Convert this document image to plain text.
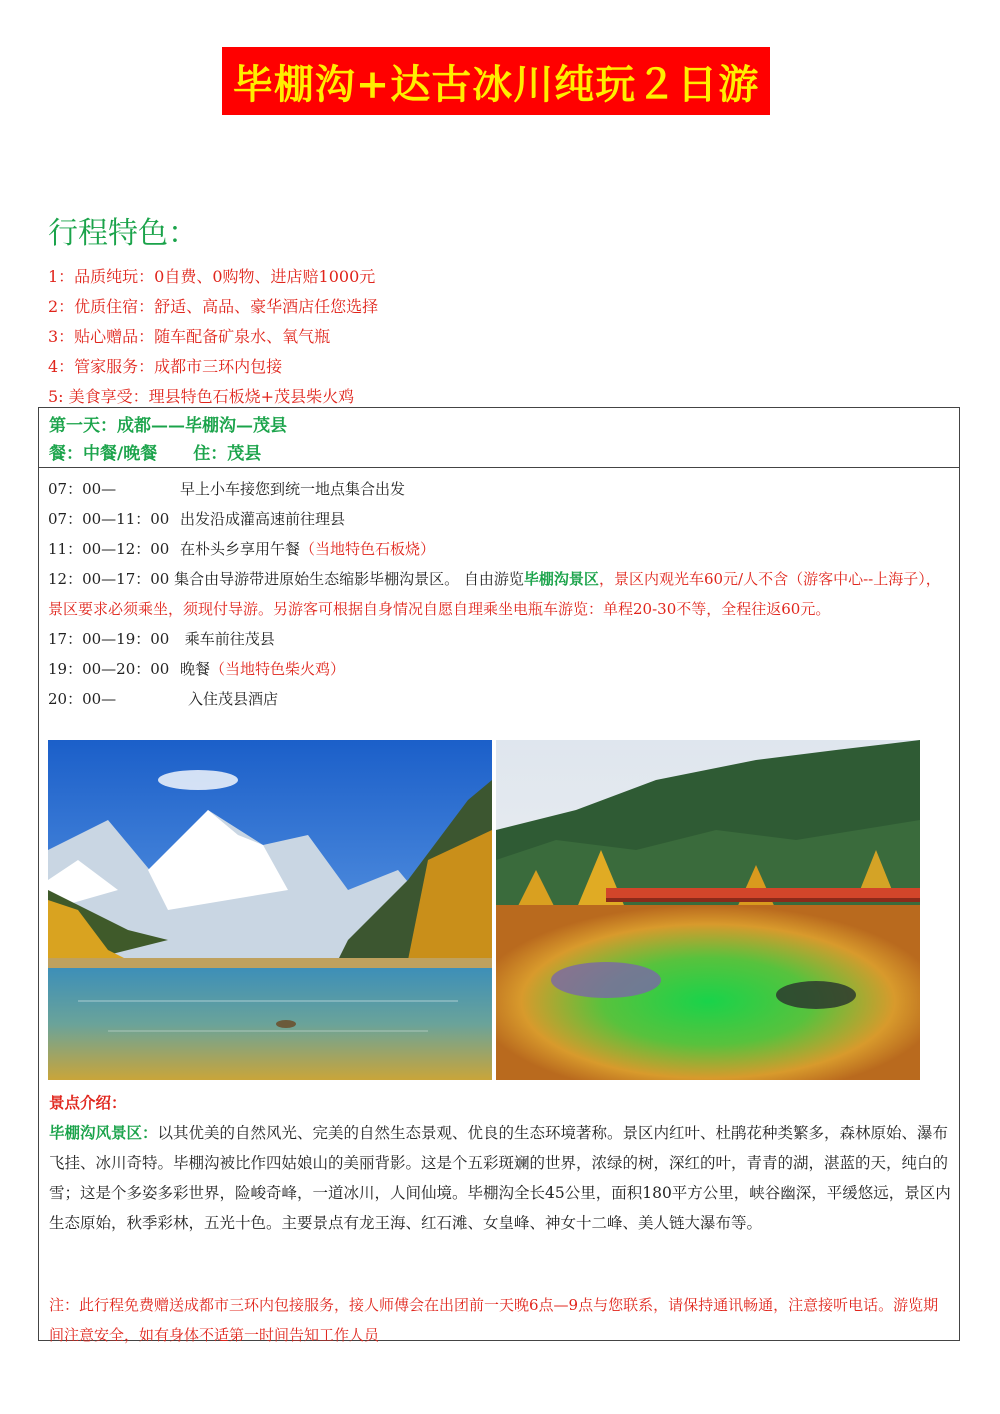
毕棚沟+达古冰川纯玩２日游
行程特色：
1：品质纯玩：0自费、0购物、进店赔1000元
2：优质住宿：舒适、高品、豪华酒店任您选择
3：贴心赠品：随车配备矿泉水、氧气瓶
4：管家服务：成都市三环内包接
5: 美食享受：理县特色石板烧+茂县柴火鸡
第一天：成都——毕棚沟—茂县
餐：中餐/晚餐 住：茂县
07：00—	早上小车接您到统一地点集合出发
07：00—11：00 出发沿成灌高速前往理县
11：00—12：00 在朴头乡享用午餐（当地特色石板烧）
12：00—17：00 集合由导游带进原始生态缩影毕棚沟景区。 自由游览毕棚沟景区，景区内观光车60元/人不含（游客中心--上海子），景区要求必须乘坐，须现付导游。另游客可根据自身情况自愿自理乘坐电瓶车游览：单程20-30不等，全程往返60元。
17：00—19：00 乘车前往茂县
19：00—20：00 晚餐（当地特色柴火鸡）
20：00—	入住茂县酒店
景点介绍：
毕棚沟风景区：以其优美的自然风光、完美的自然生态景观、优良的生态环境著称。景区内红叶、杜鹃花种类繁多，森林原始、瀑布飞挂、冰川奇特。毕棚沟被比作四姑娘山的美丽背影。这是个五彩斑斓的世界，浓绿的树，深红的叶，青青的湖，湛蓝的天，纯白的雪；这是个多姿多彩世界，险峻奇峰，一道冰川，人间仙境。毕棚沟全长45公里，面积180平方公里，峡谷幽深，平缓悠远，景区内生态原始，秋季彩林，五光十色。主要景点有龙王海、红石滩、女皇峰、神女十二峰、美人链大瀑布等。
注：此行程免费赠送成都市三环内包接服务，接人师傅会在出团前一天晚6点—9点与您联系，请保持通讯畅通，注意接听电话。游览期间注意安全，如有身体不适第一时间告知工作人员
